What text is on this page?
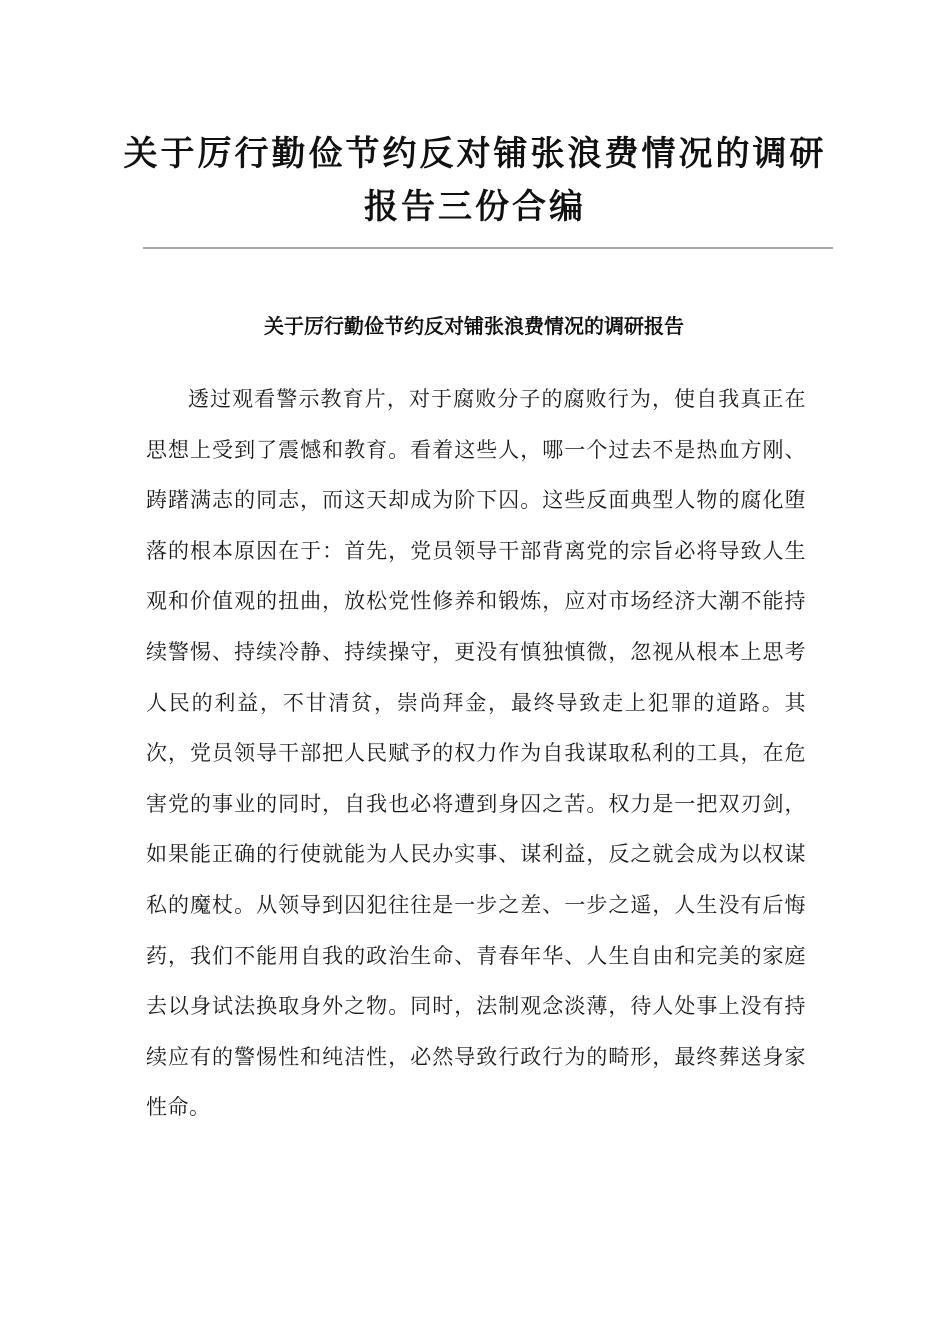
关于厉行勤俭节约反对铺张浪费情况的调研报告三份合编
关于厉行勤俭节约反对铺张浪费情况的调研报告

透过观看警示教育片，对于腐败分子的腐败行为，使自我真正在思想上受到了震憾和教育。看着这些人，哪一个过去不是热血方刚、踌躇满志的同志，而这天却成为阶下囚。这些反面典型人物的腐化堕落的根本原因在于：首先，党员领导干部背离党的宗旨必将导致人生观和价值观的扭曲，放松党性修养和锻炼，应对市场经济大潮不能持续警惕、持续冷静、持续操守，更没有慎独慎微，忽视从根本上思考人民的利益，不甘清贫，崇尚拜金，最终导致走上犯罪的道路。其次，党员领导干部把人民赋予的权力作为自我谋取私利的工具，在危害党的事业的同时，自我也必将遭到身囚之苦。权力是一把双刃剑，如果能正确的行使就能为人民办实事、谋利益，反之就会成为以权谋私的魔杖。从领导到囚犯往往是一步之差、一步之遥，人生没有后悔药，我们不能用自我的政治生命、青春年华、人生自由和完美的家庭去以身试法换取身外之物。同时，法制观念淡薄，待人处事上没有持续应有的警惕性和纯洁性，必然导致行政行为的畸形，最终葬送身家性命。
